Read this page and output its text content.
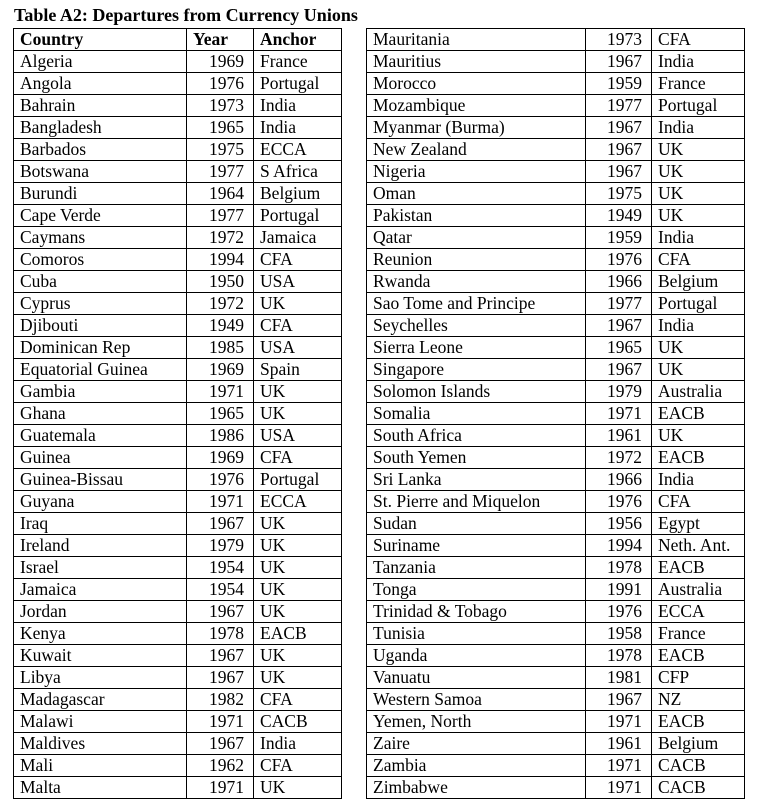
Table A2: Departures from Currency Unions
Country	Year	Anchor
Algeria	1969	France
Angola	1976	Portugal
Bahrain	1973	India
Bangladesh	1965	India
Barbados	1975	ECCA
Botswana	1977	S Africa
Burundi	1964	Belgium
Cape Verde	1977	Portugal
Caymans	1972	Jamaica
Comoros	1994	CFA
Cuba	1950	USA
Cyprus	1972	UK
Djibouti	1949	CFA
Dominican Rep	1985	USA
Equatorial Guinea	1969	Spain
Gambia	1971	UK
Ghana	1965	UK
Guatemala	1986	USA
Guinea	1969	CFA
Guinea-Bissau	1976	Portugal
Guyana	1971	ECCA
Iraq	1967	UK
Ireland	1979	UK
Israel	1954	UK
Jamaica	1954	UK
Jordan	1967	UK
Kenya	1978	EACB
Kuwait	1967	UK
Libya	1967	UK
Madagascar	1982	CFA
Malawi	1971	CACB
Maldives	1967	India
Mali	1962	CFA
Malta	1971	UK
Mauritania	1973	CFA
Mauritius	1967	India
Morocco	1959	France
Mozambique	1977	Portugal
Myanmar (Burma)	1967	India
New Zealand	1967	UK
Nigeria	1967	UK
Oman	1975	UK
Pakistan	1949	UK
Qatar	1959	India
Reunion	1976	CFA
Rwanda	1966	Belgium
Sao Tome and Principe	1977	Portugal
Seychelles	1967	India
Sierra Leone	1965	UK
Singapore	1967	UK
Solomon Islands	1979	Australia
Somalia	1971	EACB
South Africa	1961	UK
South Yemen	1972	EACB
Sri Lanka	1966	India
St. Pierre and Miquelon	1976	CFA
Sudan	1956	Egypt
Suriname	1994	Neth. Ant.
Tanzania	1978	EACB
Tonga	1991	Australia
Trinidad & Tobago	1976	ECCA
Tunisia	1958	France
Uganda	1978	EACB
Vanuatu	1981	CFP
Western Samoa	1967	NZ
Yemen, North	1971	EACB
Zaire	1961	Belgium
Zambia	1971	CACB
Zimbabwe	1971	CACB
